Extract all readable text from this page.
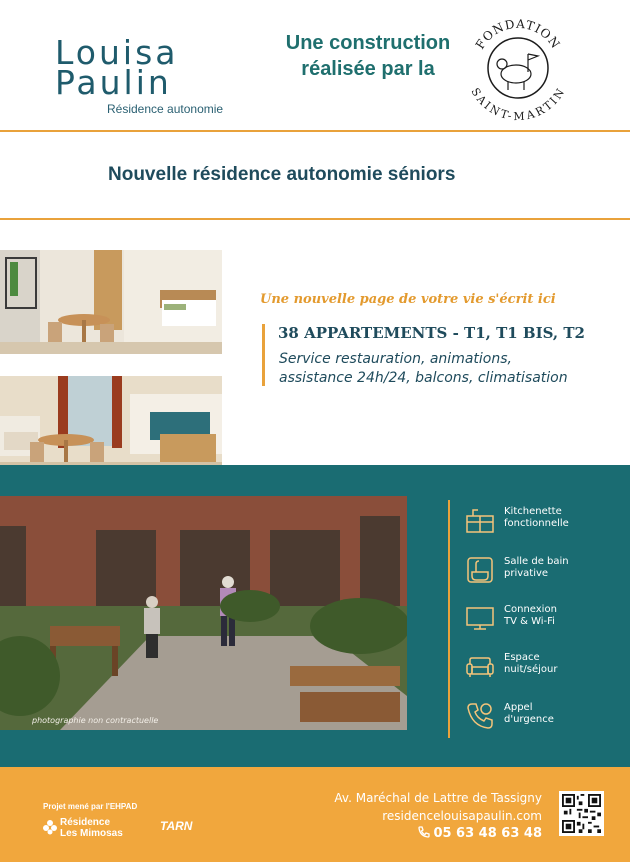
Louisa
Paulin
Résidence autonomie
Une construction
réalisée par la
FONDATION
SAINT-MARTIN
Nouvelle résidence autonomie séniors
Une nouvelle page de votre vie s'écrit ici
38 APPARTEMENTS - T1, T1 BIS, T2
Service restauration, animations,
assistance 24h/24, balcons, climatisation
photographie non contractuelle
Kitchenette
fonctionnelle
Salle de bain
privative
Connexion
TV & Wi-Fi
Espace
nuit/séjour
Appel
d'urgence
Projet mené par l'EHPAD
Résidence
Les Mimosas
TARN
Av. Maréchal de Lattre de Tassigny
residencelouisapaulin.com
05 63 48 63 48
